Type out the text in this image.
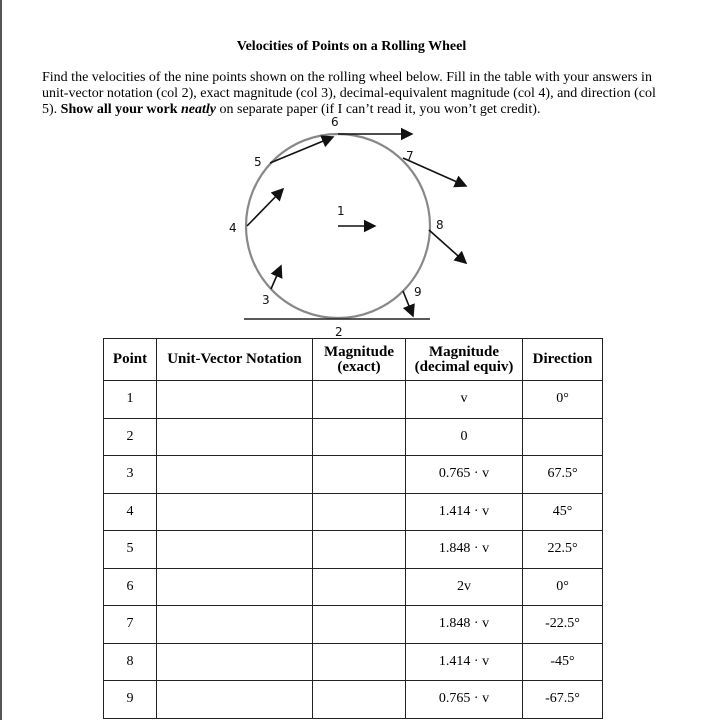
Velocities of Points on a Rolling Wheel
Find the velocities of the nine points shown on the rolling wheel below. Fill in the table with your answers in unit-vector notation (col 2), exact magnitude (col 3), decimal-equivalent magnitude (col 4), and direction (col 5). Show all your work neatly on separate paper (if I can’t read it, you won’t get credit).
1
2
3
4
5
6
7
8
9
Point	Unit-Vector Notation	Magnitude (exact)	Magnitude (decimal equiv)	Direction
1			v	0°
2			0	
3			0.765 · v	67.5°
4			1.414 · v	45°
5			1.848 · v	22.5°
6			2v	0°
7			1.848 · v	-22.5°
8			1.414 · v	-45°
9			0.765 · v	-67.5°
